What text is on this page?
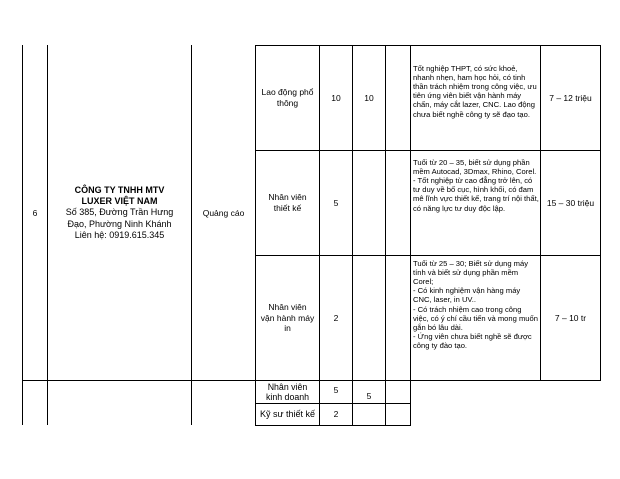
6
CÔNG TY TNHH MTV LUXER VIỆT NAM
Số 385, Đường Trần Hưng Đạo, Phường Ninh Khánh
Liên hệ: 0919.615.345
Quảng cáo
Lao động phổ thông
10	10
Tốt nghiệp THPT, có sức khoẻ, nhanh nhẹn, ham học hỏi, có tinh thần trách nhiệm trong công việc, ưu tiên ứng viên biết vận hành máy chấn, máy cắt lazer, CNC. Lao động chưa biết nghề công ty sẽ đạo tạo.
7 – 12 triệu
Nhân viên thiết kế
5
Tuổi từ 20 – 35, biết sử dụng phần mềm Autocad, 3Dmax, Rhino, Corel.
- Tốt nghiệp từ cao đẳng trở lên, có tư duy về bố cục, hình khối, có đam mê lĩnh vực thiết kế, trang trí nội thất, có năng lực tư duy độc lập.
15 – 30 triệu
Nhân viên vận hành máy in
2
Tuổi từ 25 – 30; Biết sử dụng máy tính và biết sử dụng phần mềm Corel;
- Có kinh nghiệm vận hàng máy CNC, laser, in UV..
- Có trách nhiệm cao trong công việc, có ý chí cầu tiến và mong muốn gắn bó lâu dài.
- Ứng viên chưa biết nghề sẽ được công ty đào tạo.
7 – 10 tr
Nhân viên kinh doanh
5
5
Kỹ sư thiết kế 2
